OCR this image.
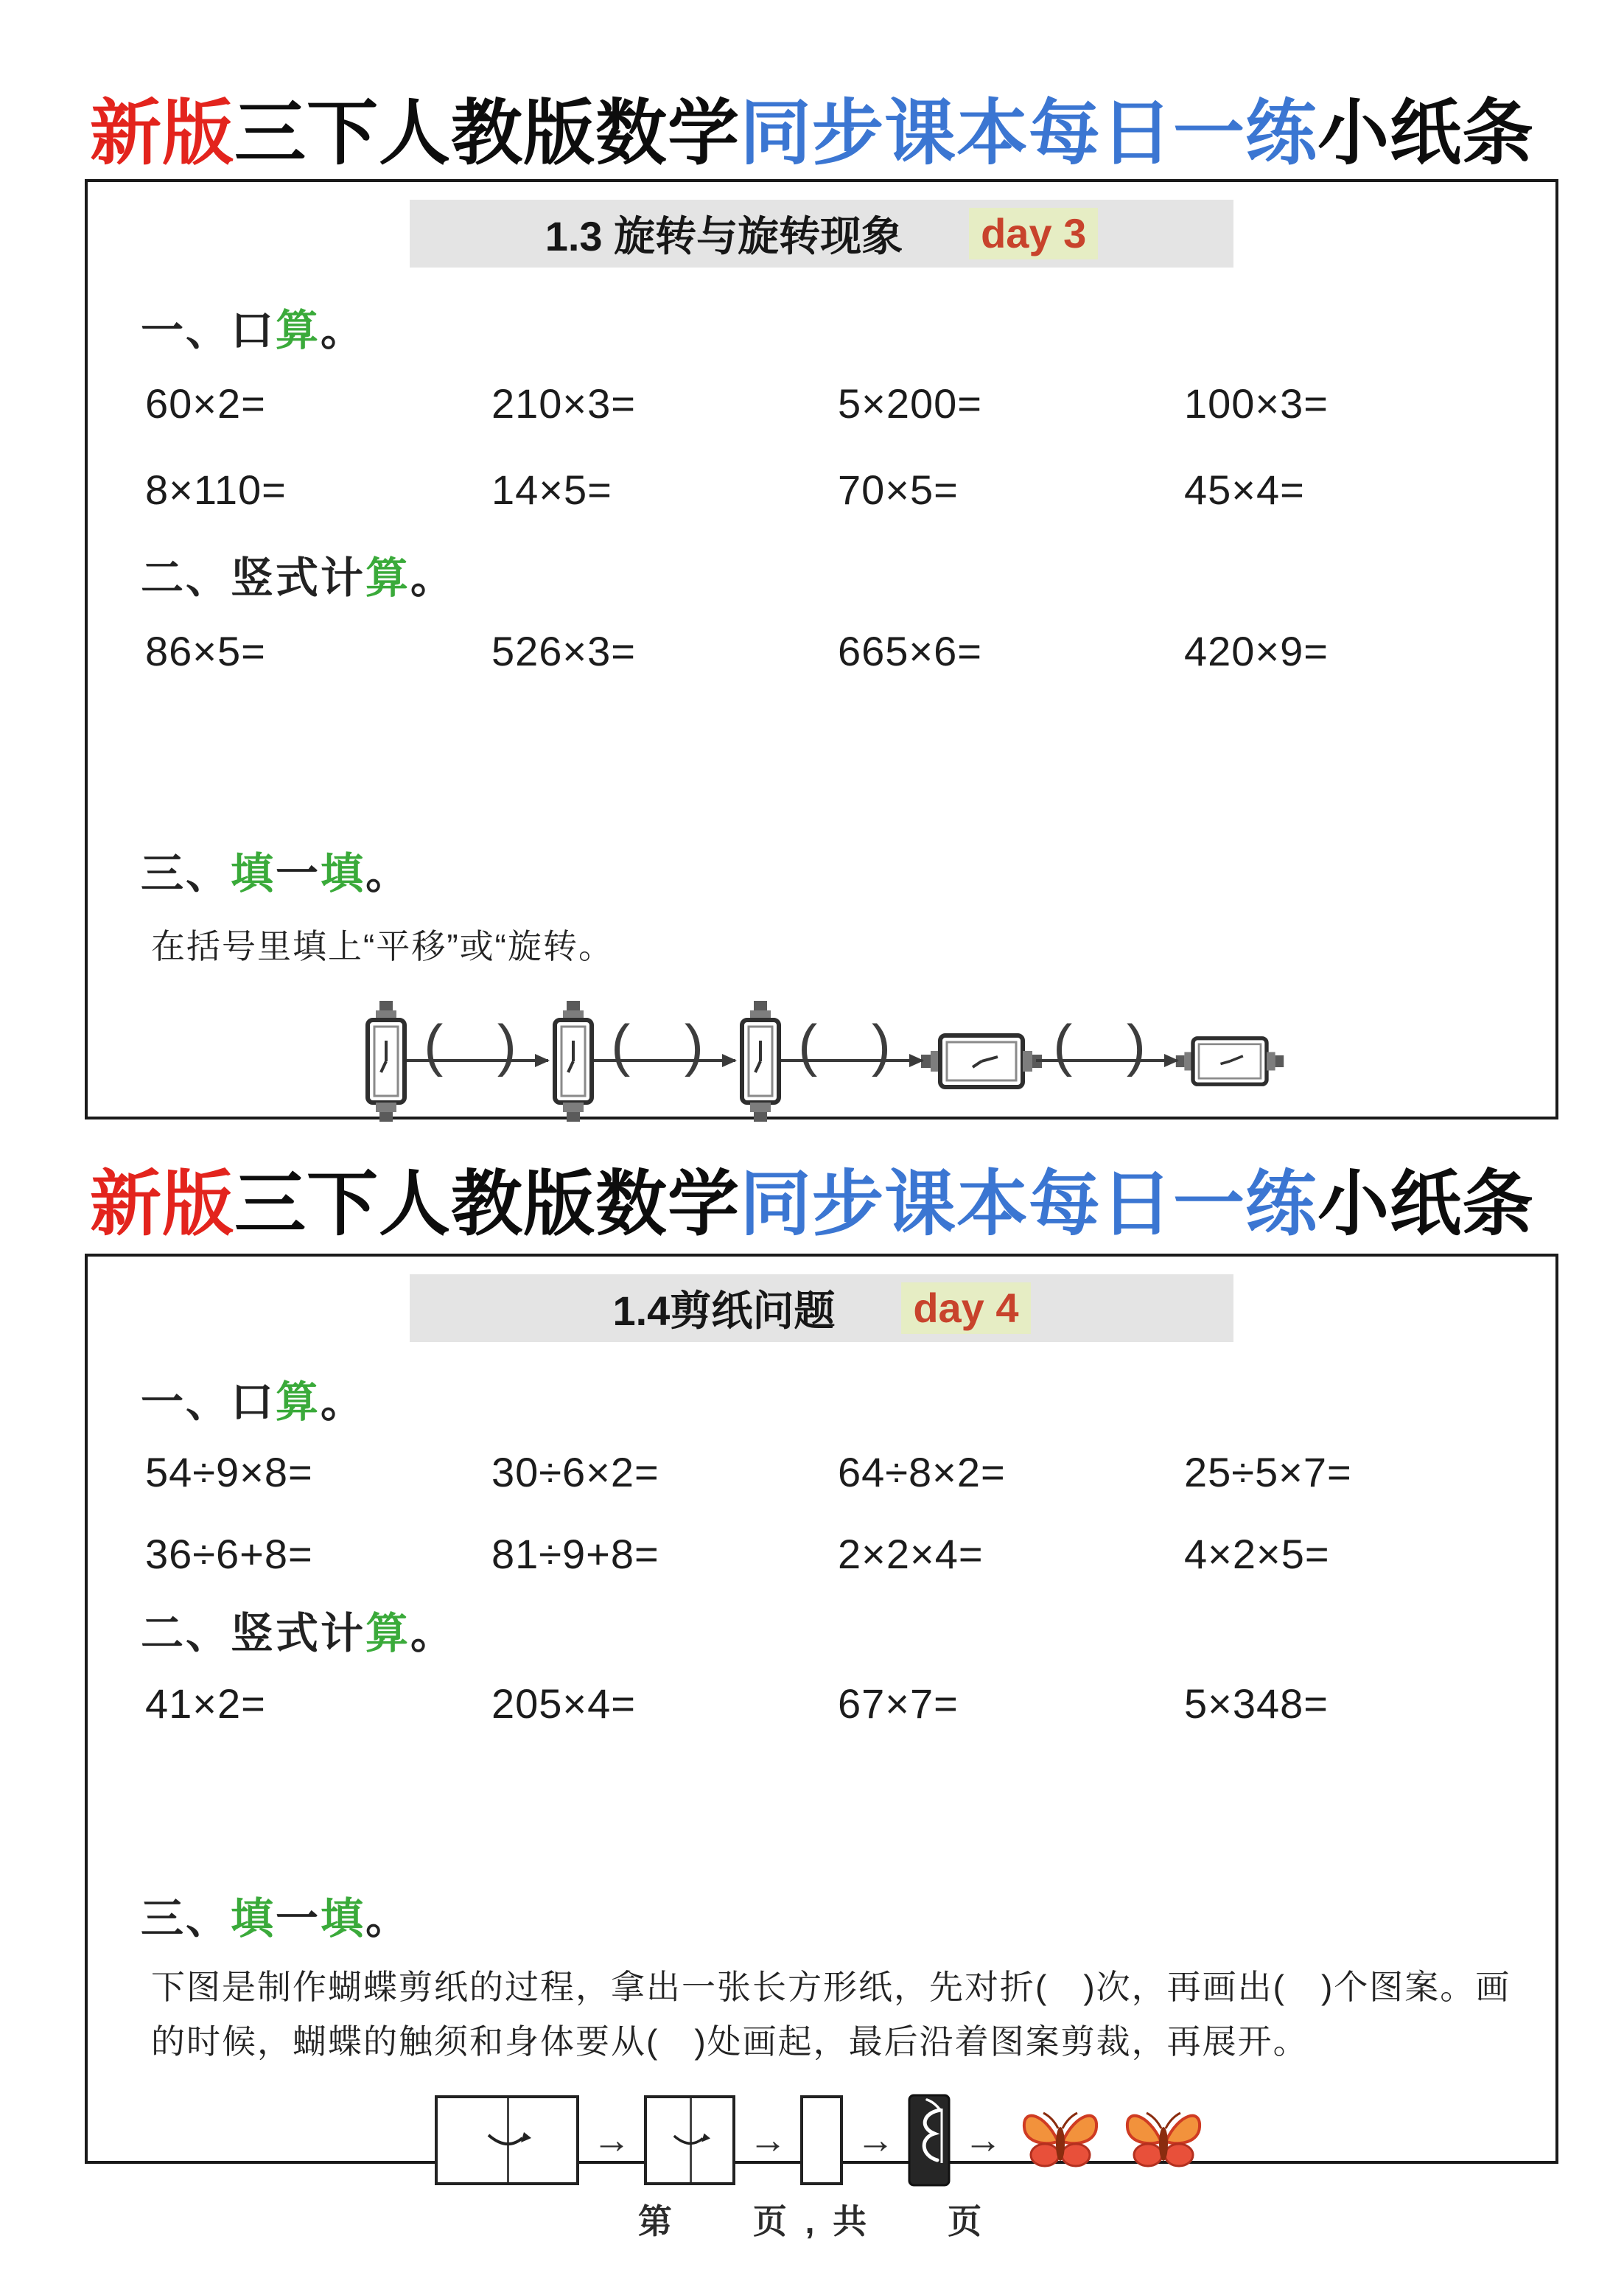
新版三下人教版数学同步课本每日一练小纸条
1.3 旋转与旋转现象 day 3
一、口算。
60×2=	210×3=	5×200=	100×3=
8×110=	14×5=	70×5=	45×4=
二、竖式计算。
86×5=	526×3=	665×6=	420×9=
三、填一填。
在括号里填上“平移”或“旋转。
( ) ( ) ( ) ( )
新版三下人教版数学同步课本每日一练小纸条
1.4剪纸问题 day 4
一、口算。
54÷9×8=	30÷6×2=	64÷8×2=	25÷5×7=
36÷6+8=	81÷9+8=	2×2×4=	4×2×5=
二、竖式计算。
41×2=	205×4=	67×7=	5×348=
三、填一填。
下图是制作蝴蝶剪纸的过程，拿出一张长方形纸，先对折(　)次，再画出(　)个图案。画的时候，蝴蝶的触须和身体要从(　)处画起，最后沿着图案剪裁，再展开。
→	→ → →
第　　页 , 共　　页
